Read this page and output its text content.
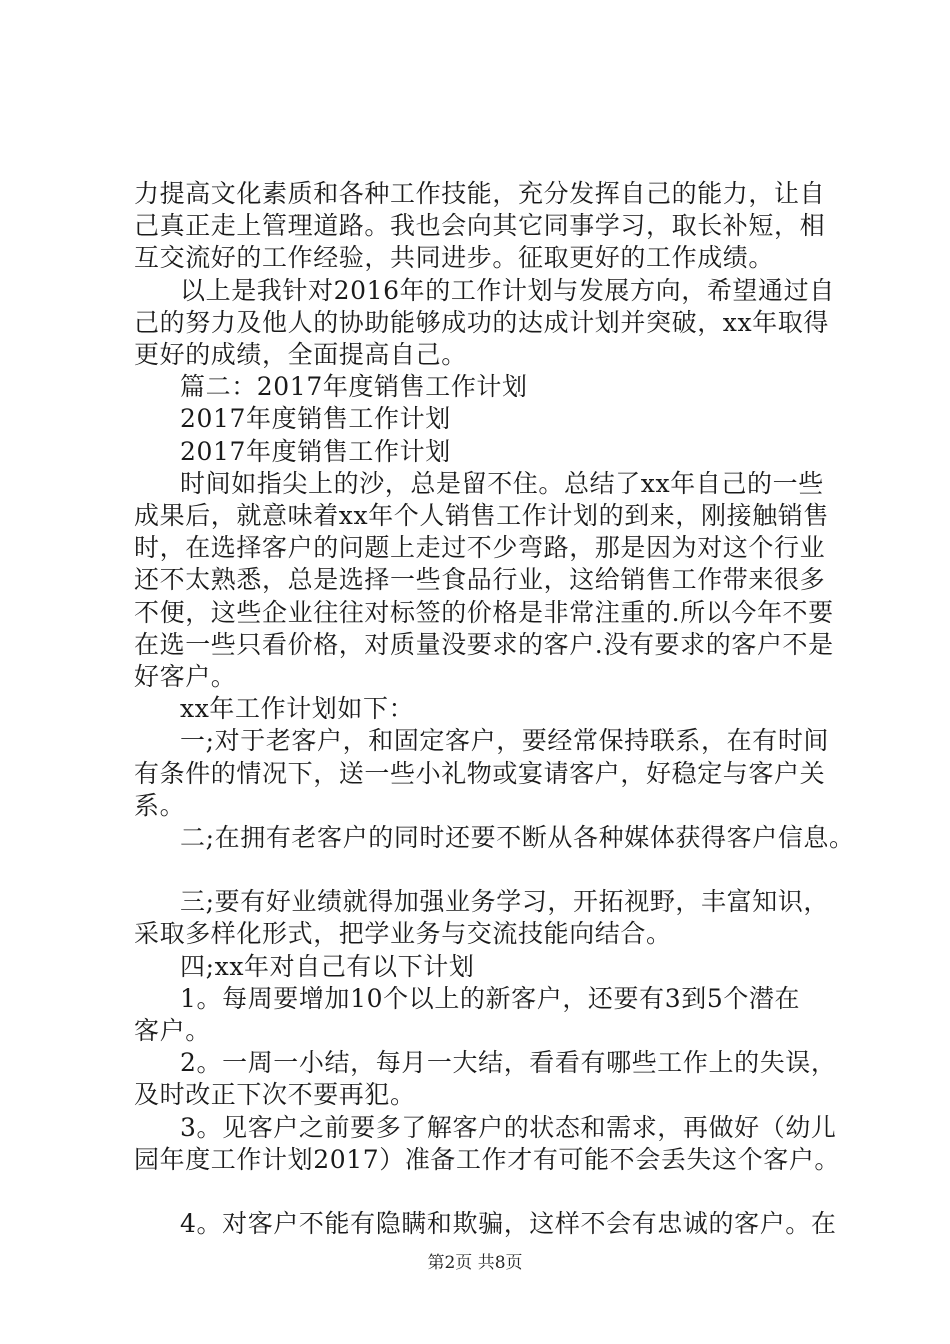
力提高文化素质和各种工作技能，充分发挥自己的能力，让自

己真正走上管理道路。我也会向其它同事学习，取长补短，相

互交流好的工作经验，共同进步。征取更好的工作成绩。

以上是我针对2016年的工作计划与发展方向，希望通过自

己的努力及他人的协助能够成功的达成计划并突破，xx年取得

更好的成绩，全面提高自己。

篇二：2017年度销售工作计划

2017年度销售工作计划

2017年度销售工作计划

时间如指尖上的沙，总是留不住。总结了xx年自己的一些

成果后，就意味着xx年个人销售工作计划的到来，刚接触销售

时，在选择客户的问题上走过不少弯路，那是因为对这个行业

还不太熟悉，总是选择一些食品行业，这给销售工作带来很多

不便，这些企业往往对标签的价格是非常注重的.所以今年不要

在选一些只看价格，对质量没要求的客户.没有要求的客户不是

好客户。

xx年工作计划如下：

一;对于老客户，和固定客户，要经常保持联系，在有时间

有条件的情况下，送一些小礼物或宴请客户，好稳定与客户关

系。

二;在拥有老客户的同时还要不断从各种媒体获得客户信息。

三;要有好业绩就得加强业务学习，开拓视野，丰富知识，

采取多样化形式，把学业务与交流技能向结合。

四;xx年对自己有以下计划

1。每周要增加10个以上的新客户，还要有3到5个潜在

客户。

2。一周一小结，每月一大结，看看有哪些工作上的失误，

及时改正下次不要再犯。

3。见客户之前要多了解客户的状态和需求，再做好（幼儿

园年度工作计划2017）准备工作才有可能不会丢失这个客户。

4。对客户不能有隐瞒和欺骗，这样不会有忠诚的客户。在

第2页 共8页
